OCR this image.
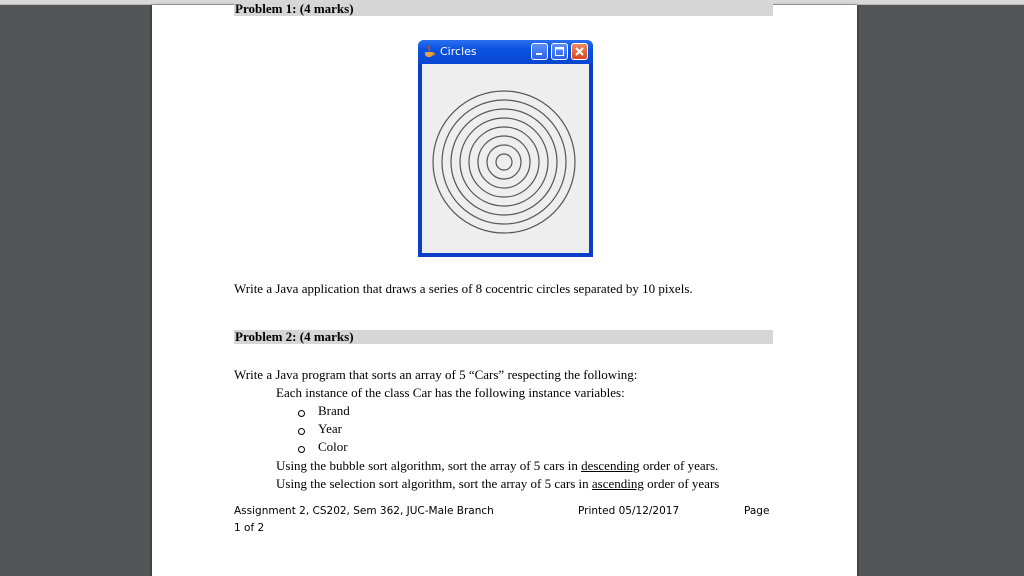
Problem 1: (4 marks)
Circles
Write a Java application that draws a series of 8 cocentric circles separated by 10 pixels.
Problem 2: (4 marks)
Write a Java program that sorts an array of 5 “Cars” respecting the following:
Each instance of the class Car has the following instance variables:
Brand
Year
Color
Using the bubble sort algorithm, sort the array of 5 cars in descending order of years.
Using the selection sort algorithm, sort the array of 5 cars in ascending order of years
Assignment 2, CS202, Sem 362, JUC-Male Branch	Printed 05/12/2017	Page
1 of 2
